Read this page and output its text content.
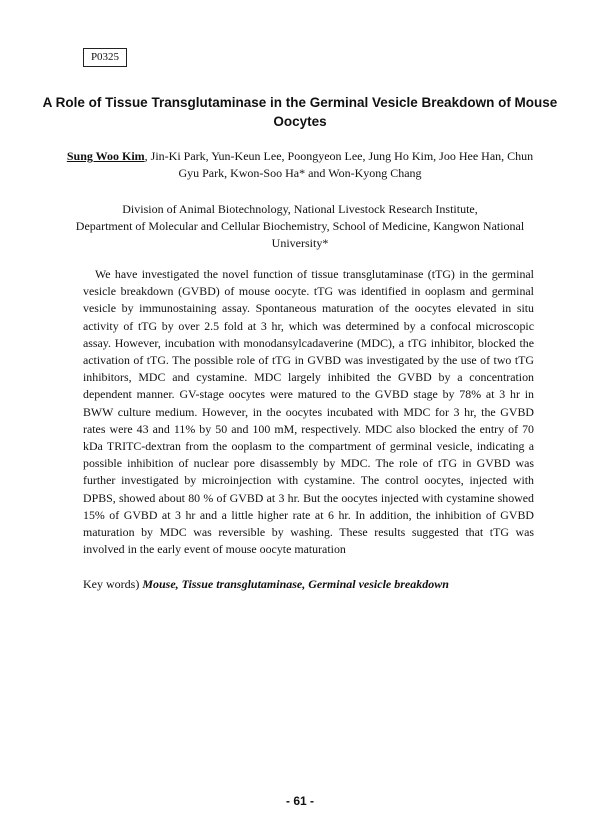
P0325
A Role of Tissue Transglutaminase in the Germinal Vesicle Breakdown of Mouse Oocytes
Sung Woo Kim, Jin-Ki Park, Yun-Keun Lee, Poongyeon Lee, Jung Ho Kim, Joo Hee Han, Chun Gyu Park, Kwon-Soo Ha* and Won-Kyong Chang
Division of Animal Biotechnology, National Livestock Research Institute,
Department of Molecular and Cellular Biochemistry, School of Medicine, Kangwon National University*
We have investigated the novel function of tissue transglutaminase (tTG) in the germinal vesicle breakdown (GVBD) of mouse oocyte. tTG was identified in ooplasm and germinal vesicle by immunostaining assay. Spontaneous maturation of the oocytes elevated in situ activity of tTG by over 2.5 fold at 3 hr, which was determined by a confocal microscopic assay. However, incubation with monodansylcadaverine (MDC), a tTG inhibitor, blocked the activation of tTG. The possible role of tTG in GVBD was investigated by the use of two tTG inhibitors, MDC and cystamine. MDC largely inhibited the GVBD by a concentration dependent manner. GV-stage oocytes were matured to the GVBD stage by 78% at 3 hr in BWW culture medium. However, in the oocytes incubated with MDC for 3 hr, the GVBD rates were 43 and 11% by 50 and 100 mM, respectively. MDC also blocked the entry of 70 kDa TRITC-dextran from the ooplasm to the compartment of germinal vesicle, indicating a possible inhibition of nuclear pore disassembly by MDC. The role of tTG in GVBD was further investigated by microinjection with cystamine. The control oocytes, injected with DPBS, showed about 80 % of GVBD at 3 hr. But the oocytes injected with cystamine showed 15% of GVBD at 3 hr and a little higher rate at 6 hr. In addition, the inhibition of GVBD maturation by MDC was reversible by washing. These results suggested that tTG was involved in the early event of mouse oocyte maturation
Key words) Mouse, Tissue transglutaminase, Germinal vesicle breakdown
- 61 -
